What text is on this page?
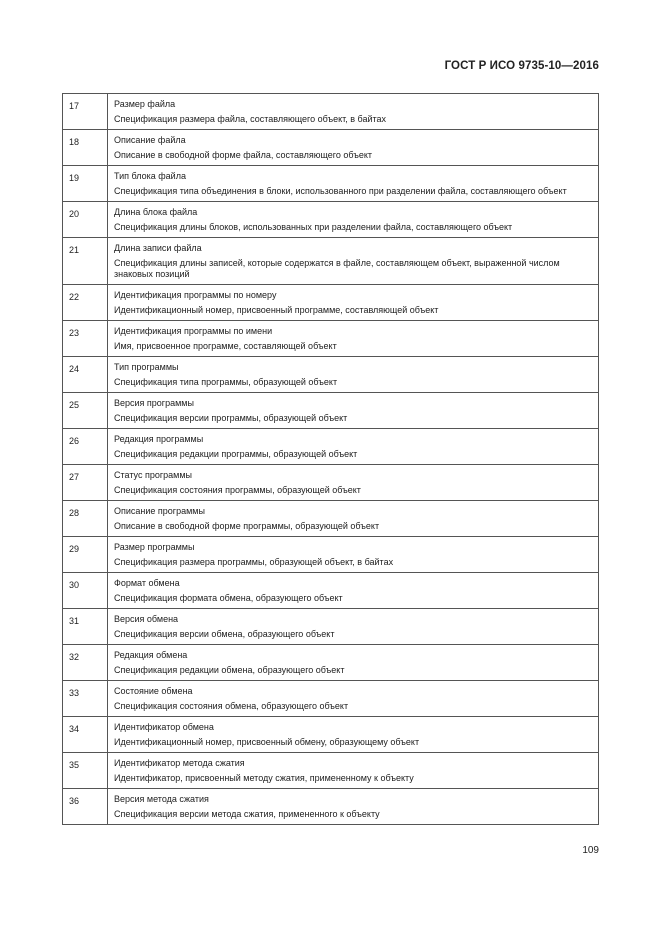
ГОСТ Р ИСО 9735-10—2016
17	Размер файла
Спецификация размера файла, составляющего объект, в байтах

18	Описание файла
Описание в свободной форме файла, составляющего объект

19	Тип блока файла
Спецификация типа объединения в блоки, использованного при разделении файла, составляющего объект

20	Длина блока файла
Спецификация длины блоков, использованных при разделении файла, составляющего объект

21	Длина записи файла
Спецификация длины записей, которые содержатся в файле, составляющем объект, выраженной числом знаковых позиций

22	Идентификация программы по номеру
Идентификационный номер, присвоенный программе, составляющей объект

23	Идентификация программы по имени
Имя, присвоенное программе, составляющей объект

24	Тип программы
Спецификация типа программы, образующей объект

25	Версия программы
Спецификация версии программы, образующей объект

26	Редакция программы
Спецификация редакции программы, образующей объект

27	Статус программы
Спецификация состояния программы, образующей объект

28	Описание программы
Описание в свободной форме программы, образующей объект

29	Размер программы
Спецификация размера программы, образующей объект, в байтах

30	Формат обмена
Спецификация формата обмена, образующего объект

31	Версия обмена
Спецификация версии обмена, образующего объект

32	Редакция обмена
Спецификация редакции обмена, образующего объект

33	Состояние обмена
Спецификация состояния обмена, образующего объект

34	Идентификатор обмена
Идентификационный номер, присвоенный обмену, образующему объект

35	Идентификатор метода сжатия
Идентификатор, присвоенный методу сжатия, примененному к объекту

36	Версия метода сжатия
Спецификация версии метода сжатия, примененного к объекту
109
